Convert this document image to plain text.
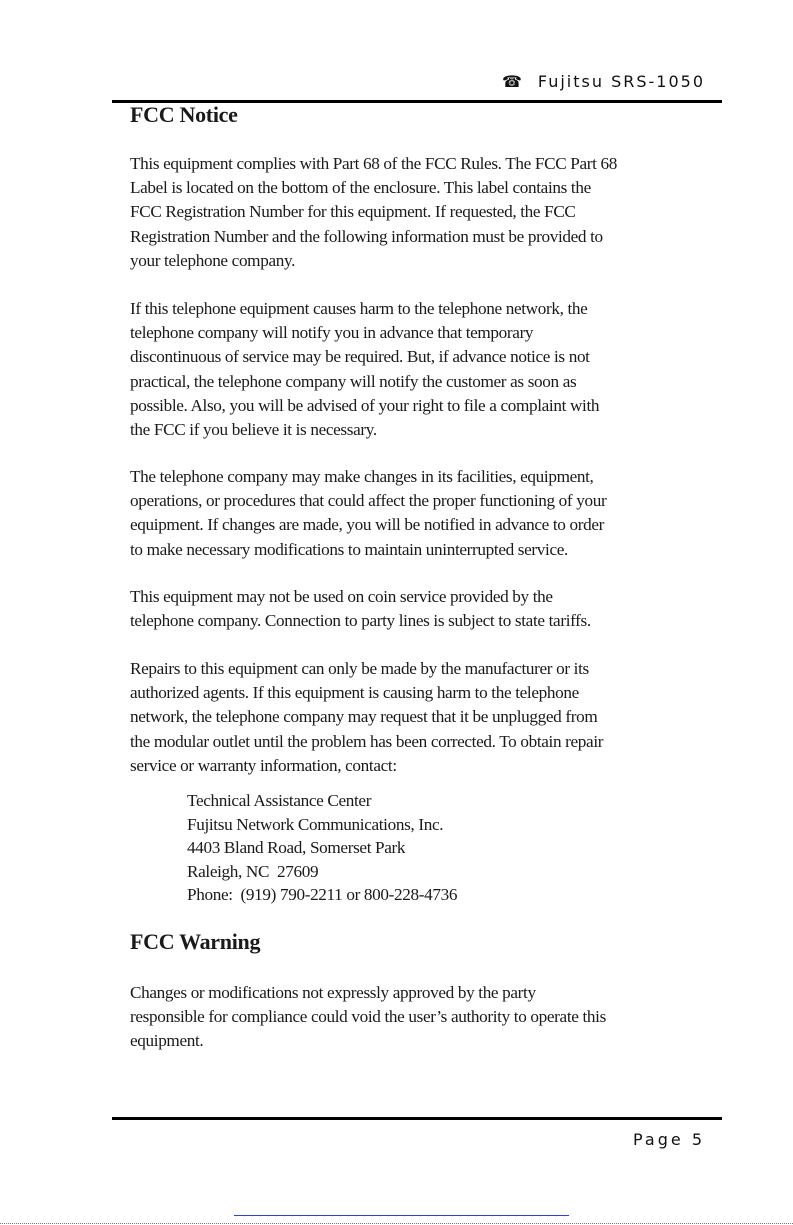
☎ Fujitsu SRS-1050
FCC Notice

This equipment complies with Part 68 of the FCC Rules. The FCC Part 68
Label is located on the bottom of the enclosure. This label contains the
FCC Registration Number for this equipment. If requested, the FCC
Registration Number and the following information must be provided to
your telephone company.

If this telephone equipment causes harm to the telephone network, the
telephone company will notify you in advance that temporary
discontinuous of service may be required. But, if advance notice is not
practical, the telephone company will notify the customer as soon as
possible. Also, you will be advised of your right to file a complaint with
the FCC if you believe it is necessary.

The telephone company may make changes in its facilities, equipment,
operations, or procedures that could affect the proper functioning of your
equipment. If changes are made, you will be notified in advance to order
to make necessary modifications to maintain uninterrupted service.

This equipment may not be used on coin service provided by the
telephone company. Connection to party lines is subject to state tariffs.

Repairs to this equipment can only be made by the manufacturer or its
authorized agents. If this equipment is causing harm to the telephone
network, the telephone company may request that it be unplugged from
the modular outlet until the problem has been corrected. To obtain repair
service or warranty information, contact:

Technical Assistance Center
Fujitsu Network Communications, Inc.
4403 Bland Road, Somerset Park
Raleigh, NC  27609
Phone:  (919) 790-2211 or 800-228-4736
FCC Warning

Changes or modifications not expressly approved by the party
responsible for compliance could void the user’s authority to operate this
equipment.

Page 5
